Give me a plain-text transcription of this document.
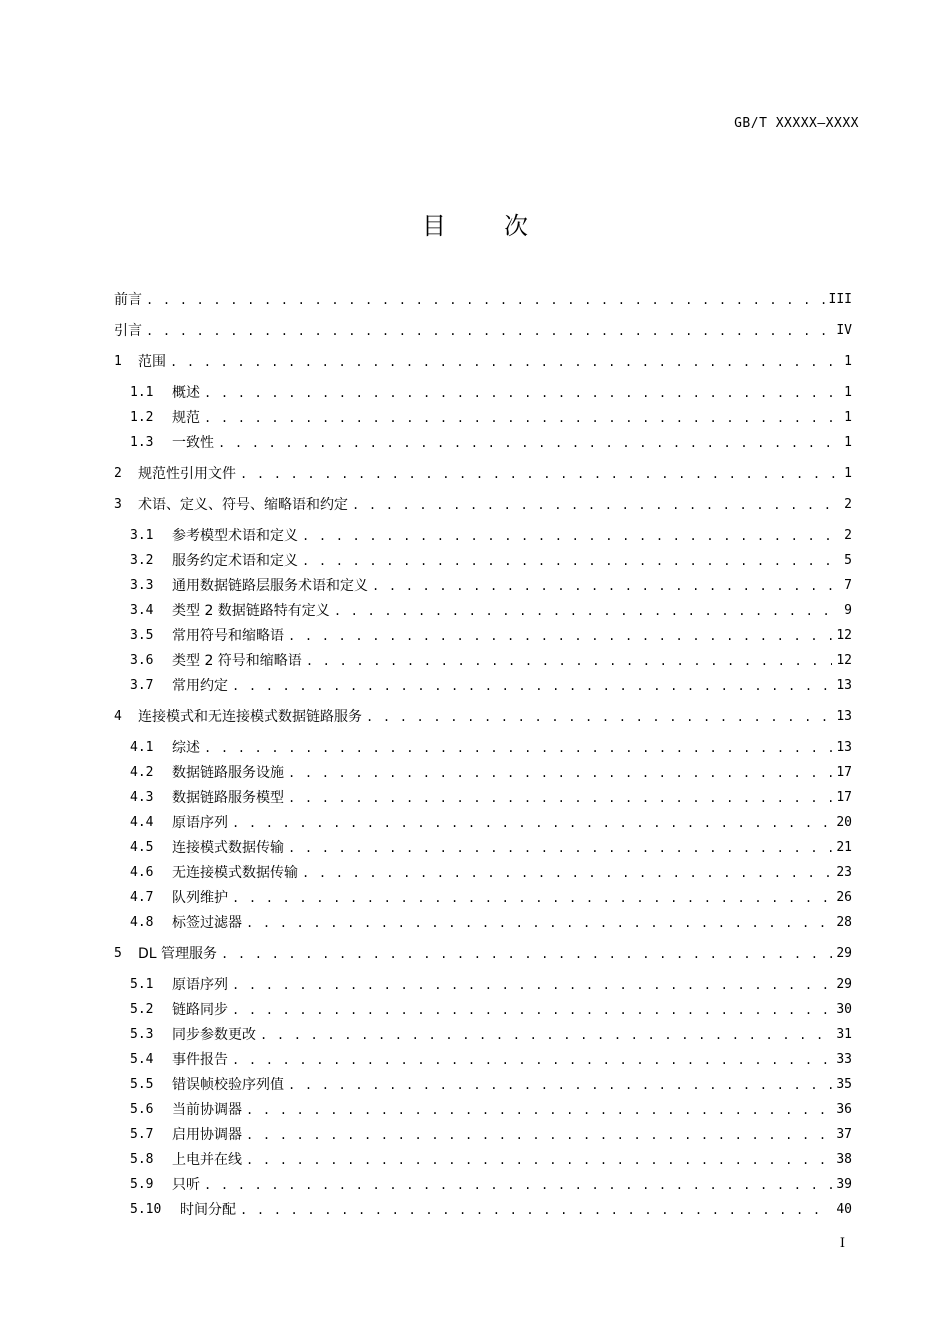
GB/T XXXXX—XXXX
目次
前言 . . .	III
引言 . . .	IV
1	范围 . . .	1
1.1	概述 . . .	1
1.2	规范 . . .	1
1.3	一致性 . . .	1
2	规范性引用文件 . . .	1
3	术语、定义、符号、缩略语和约定 . . .	2
3.1	参考模型术语和定义 . . .	2
3.2	服务约定术语和定义 . . .	5
3.3	通用数据链路层服务术语和定义 . . .	7
3.4	类型 2 数据链路特有定义 . . .	9
3.5	常用符号和缩略语 . . .	12
3.6	类型 2 符号和缩略语 . . .	12
3.7	常用约定 . . .	13
4	连接模式和无连接模式数据链路服务 . . .	13
4.1	综述 . . .	13
4.2	数据链路服务设施 . . .	17
4.3	数据链路服务模型 . . .	17
4.4	原语序列 . . .	20
4.5	连接模式数据传输 . . .	21
4.6	无连接模式数据传输 . . .	23
4.7	队列维护 . . .	26
4.8	标签过滤器 . . .	28
5	DL 管理服务 . . .	29
5.1	原语序列 . . .	29
5.2	链路同步 . . .	30
5.3	同步参数更改 . . .	31
5.4	事件报告 . . .	33
5.5	错误帧校验序列值 . . .	35
5.6	当前协调器 . . .	36
5.7	启用协调器 . . .	37
5.8	上电并在线 . . .	38
5.9	只听 . . .	39
5.10	时间分配 . . .	40
I
